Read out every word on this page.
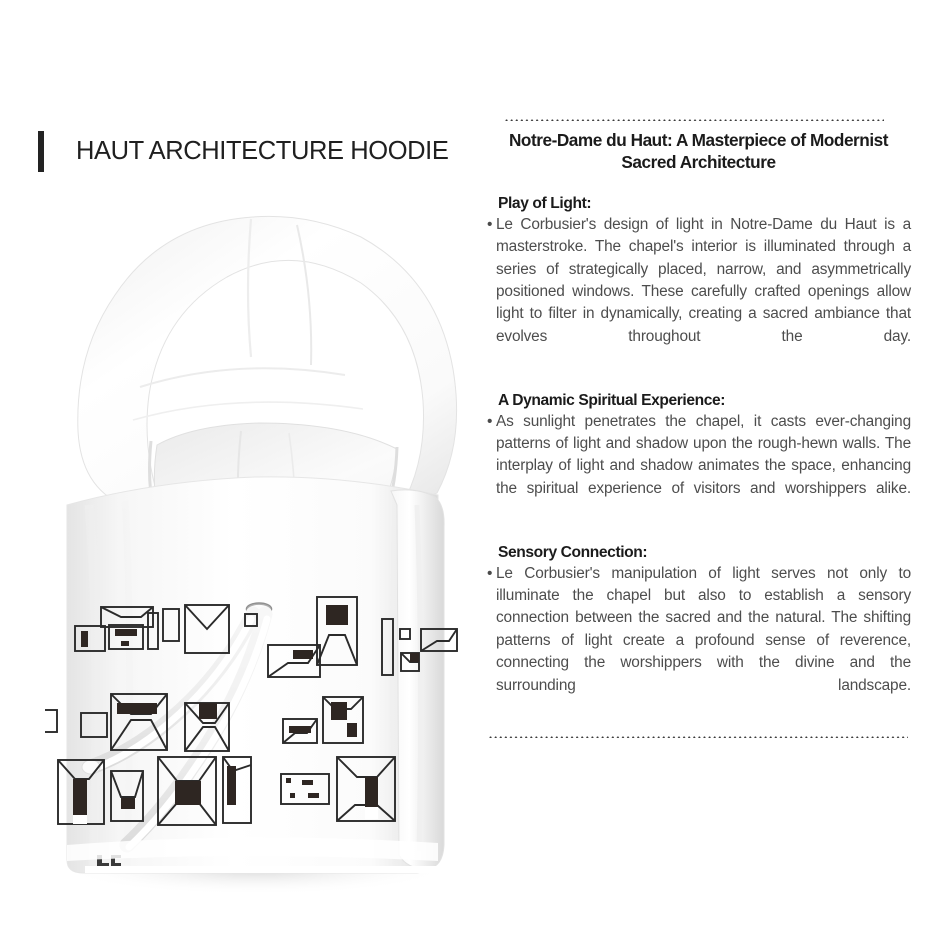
HAUT ARCHITECTURE HOODIE	Notre-Dame du Haut: A Masterpiece of Modernist Sacred Architecture
Play of Light:
• Le Corbusier's design of light in Notre-Dame du Haut is a masterstroke. The chapel's interior is illuminated through a series of strategically placed, narrow, and asymmetrically positioned windows. These carefully crafted openings allow light to filter in dynamically, creating a sacred ambiance that evolves throughout the day.
A Dynamic Spiritual Experience:
• As sunlight penetrates the chapel, it casts ever-changing patterns of light and shadow upon the rough-hewn walls. The interplay of light and shadow animates the space, enhancing the spiritual experience of visitors and worshippers alike.
Sensory Connection:
• Le Corbusier's manipulation of light serves not only to illuminate the chapel but also to establish a sensory connection between the sacred and the natural. The shifting patterns of light create a profound sense of reverence, connecting the worshippers with the divine and the surrounding landscape.
